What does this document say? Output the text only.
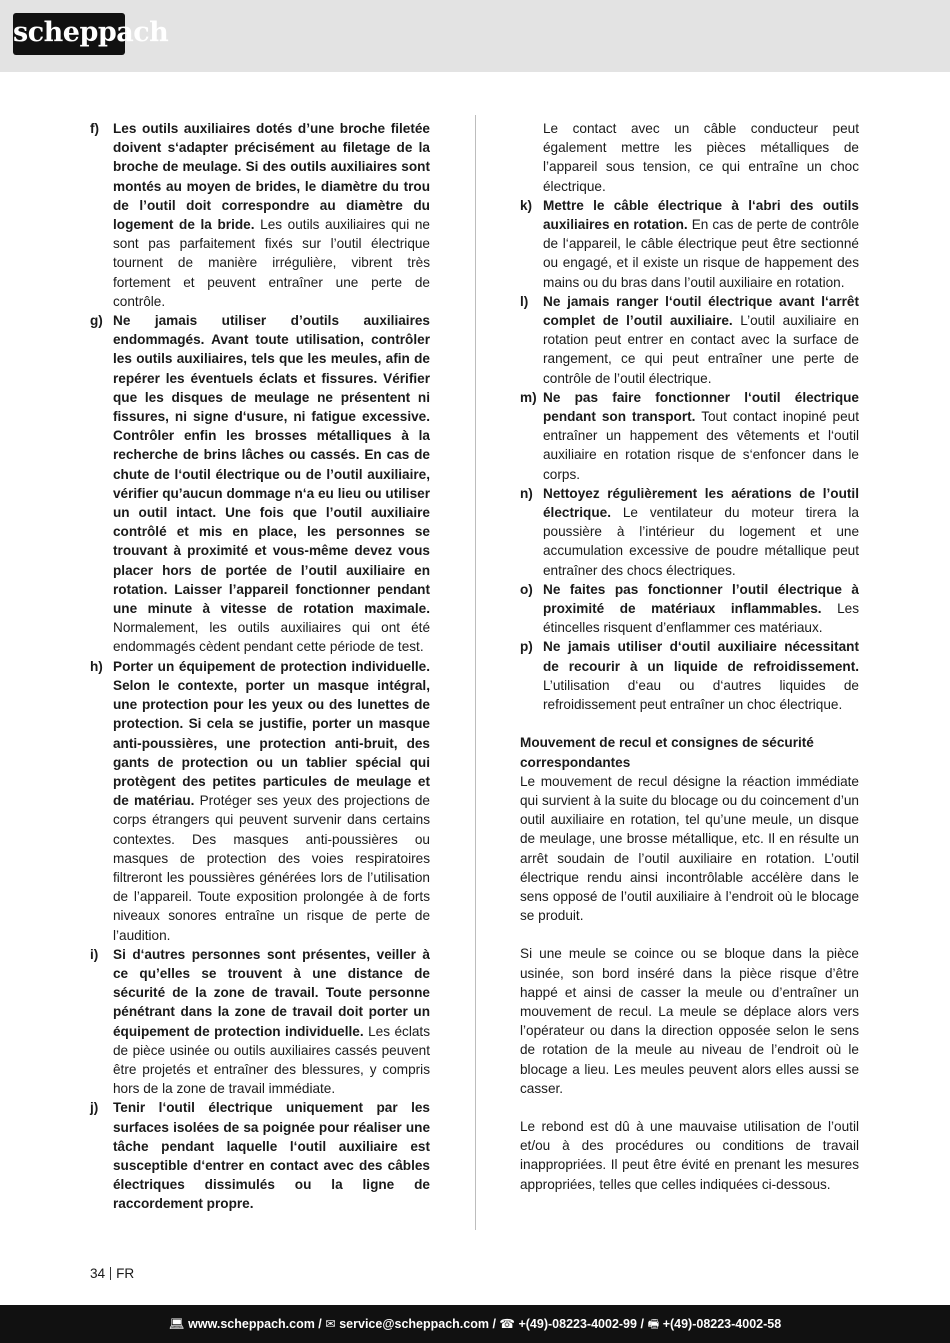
scheppach
f)	Les outils auxiliaires dotés d’une broche filetée doivent s‘adapter précisément au filetage de la broche de meulage. Si des outils auxiliaires sont montés au moyen de brides, le diamètre du trou de l’outil doit correspondre au diamètre du logement de la bride. Les outils auxiliaires qui ne sont pas parfaitement fixés sur l’outil électrique tournent de manière irrégulière, vibrent très fortement et peuvent entraîner une perte de contrôle.
g) Ne jamais utiliser d’outils auxiliaires endommagés. Avant toute utilisation, contrôler les outils auxiliaires, tels que les meules, afin de repérer les éventuels éclats et fissures. Vérifier que les disques de meulage ne présentent ni fissures, ni signe d‘usure, ni fatigue excessive. Contrôler enfin les brosses métalliques à la recherche de brins lâches ou cassés. En cas de chute de l‘outil électrique ou de l’outil auxiliaire, vérifier qu’aucun dommage n‘a eu lieu ou utiliser un outil intact. Une fois que l’outil auxiliaire contrôlé et mis en place, les personnes se trouvant à proximité et vous-même devez vous placer hors de portée de l’outil auxiliaire en rotation. Laisser l’appareil fonctionner pendant une minute à vitesse de rotation maximale. Normalement, les outils auxiliaires qui ont été endommagés cèdent pendant cette période de test.
h) Porter un équipement de protection individuelle. Selon le contexte, porter un masque intégral, une protection pour les yeux ou des lunettes de protection. Si cela se justifie, porter un masque anti-poussières, une protection anti-bruit, des gants de protection ou un tablier spécial qui protègent des petites particules de meulage et de matériau. Protéger ses yeux des projections de corps étrangers qui peuvent survenir dans certains contextes. Des masques anti-poussières ou masques de protection des voies respiratoires filtreront les poussières générées lors de l’utilisation de l’appareil. Toute exposition prolongée à de forts niveaux sonores entraîne un risque de perte de l’audition.
i)	Si d‘autres personnes sont présentes, veiller à ce qu’elles se trouvent à une distance de sécurité de la zone de travail. Toute personne pénétrant dans la zone de travail doit porter un équipement de protection individuelle. Les éclats de pièce usinée ou outils auxiliaires cassés peuvent être projetés et entraîner des blessures, y compris hors de la zone de travail immédiate.
j)	Tenir l‘outil électrique uniquement par les surfaces isolées de sa poignée pour réaliser une tâche pendant laquelle l‘outil auxiliaire est susceptible d‘entrer en contact avec des câbles électriques dissimulés ou la ligne de raccordement propre.
Le contact avec un câble conducteur peut également mettre les pièces métalliques de l’appareil sous tension, ce qui entraîne un choc électrique.
k) Mettre le câble électrique à l‘abri des outils auxiliaires en rotation. En cas de perte de contrôle de l‘appareil, le câble électrique peut être sectionné ou engagé, et il existe un risque de happement des mains ou du bras dans l’outil auxiliaire en rotation.
l)	Ne jamais ranger l‘outil électrique avant l‘arrêt complet de l’outil auxiliaire. L’outil auxiliaire en rotation peut entrer en contact avec la surface de rangement, ce qui peut entraîner une perte de contrôle de l’outil électrique.
m) Ne pas faire fonctionner l‘outil électrique pendant son transport. Tout contact inopiné peut entraîner un happement des vêtements et l‘outil auxiliaire en rotation risque de s‘enfoncer dans le corps.
n) Nettoyez régulièrement les aérations de l’outil électrique. Le ventilateur du moteur tirera la poussière à l’intérieur du logement et une accumulation excessive de poudre métallique peut entraîner des chocs électriques.
o) Ne faites pas fonctionner l’outil électrique à proximité de matériaux inflammables. Les étincelles risquent d’enflammer ces matériaux.
p) Ne jamais utiliser d‘outil auxiliaire nécessitant de recourir à un liquide de refroidissement. L’utilisation d‘eau ou d‘autres liquides de refroidissement peut entraîner un choc électrique.
Mouvement de recul et consignes de sécurité correspondantes
Le mouvement de recul désigne la réaction immédiate qui survient à la suite du blocage ou du coincement d’un outil auxiliaire en rotation, tel qu’une meule, un disque de meulage, une brosse métallique, etc. Il en résulte un arrêt soudain de l’outil auxiliaire en rotation. L’outil électrique rendu ainsi incontrôlable accélère dans le sens opposé de l’outil auxiliaire à l’endroit où le blocage se produit.
Si une meule se coince ou se bloque dans la pièce usinée, son bord inséré dans la pièce risque d’être happé et ainsi de casser la meule ou d’entraîner un mouvement de recul. La meule se déplace alors vers l’opérateur ou dans la direction opposée selon le sens de rotation de la meule au niveau de l’endroit où le blocage a lieu. Les meules peuvent alors elles aussi se casser.
Le rebond est dû à une mauvaise utilisation de l’outil et/ou à des procédures ou conditions de travail inappropriées. Il peut être évité en prenant les mesures appropriées, telles que celles indiquées ci-dessous.
34 FR
💻︎ www.scheppach.com / ✉︎ service@scheppach.com / ☎︎ +(49)-08223-4002-99 / 🖷︎ +(49)-08223-4002-58
